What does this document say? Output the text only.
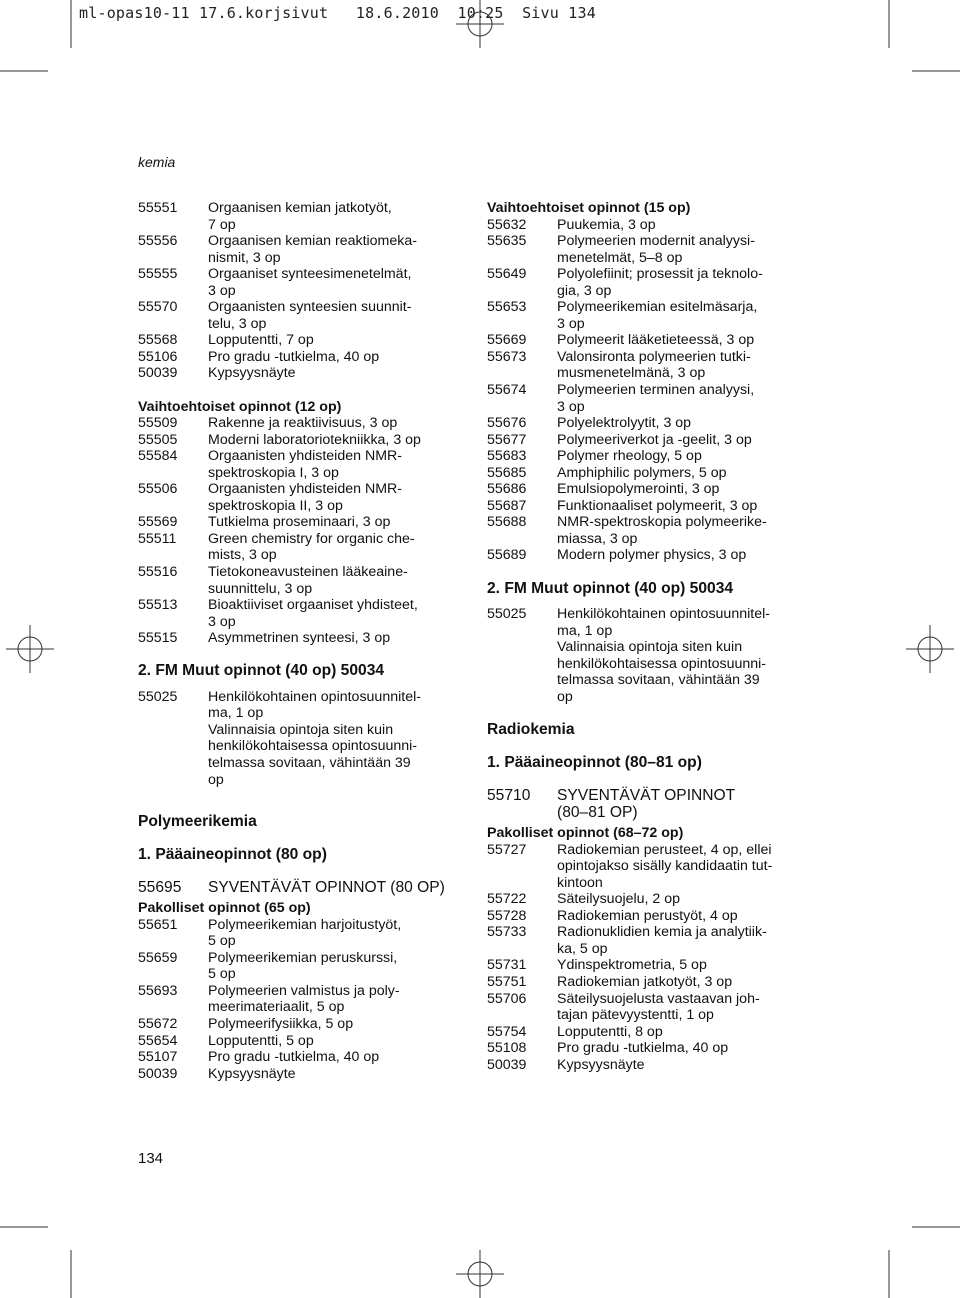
ml-opas10-11 17.6.korjsivut   18.6.2010  10:25  Sivu 134
kemia
55551	Orgaanisen kemian jatkotyöt,
7 op
55556	Orgaanisen kemian reaktiomeka-
nismit, 3 op
55555	Orgaaniset synteesimenetelmät,
3 op
55570	Orgaanisten synteesien suunnit-
telu, 3 op
55568	Lopputentti, 7 op
55106	Pro gradu -tutkielma, 40 op
50039	Kypsyysnäyte
Vaihtoehtoiset opinnot (12 op)
55509	Rakenne ja reaktiivisuus, 3 op
55505	Moderni laboratoriotekniikka, 3 op
55584	Orgaanisten yhdisteiden NMR-
spektroskopia I, 3 op
55506	Orgaanisten yhdisteiden NMR-
spektroskopia II, 3 op
55569	Tutkielma proseminaari, 3 op
55511	Green chemistry for organic che-
mists, 3 op
55516	Tietokoneavusteinen lääkeaine-
suunnittelu, 3 op
55513	Bioaktiiviset orgaaniset yhdisteet,
3 op
55515	Asymmetrinen synteesi, 3 op
2. FM Muut opinnot (40 op) 50034
55025	Henkilökohtainen opintosuunnitel-
ma, 1 op
Valinnaisia opintoja siten kuin
henkilökohtaisessa opintosuunni-
telmassa sovitaan, vähintään 39
op
Polymeerikemia
1. Pääaineopinnot (80 op)
55695	SYVENTÄVÄT OPINNOT (80 OP)
Pakolliset opinnot (65 op)
55651	Polymeerikemian harjoitustyöt,
5 op
55659	Polymeerikemian peruskurssi,
5 op
55693	Polymeerien valmistus ja poly-
meerimateriaalit, 5 op
55672	Polymeerifysiikka, 5 op
55654	Lopputentti, 5 op
55107	Pro gradu -tutkielma, 40 op
50039	Kypsyysnäyte
Vaihtoehtoiset opinnot (15 op)
55632	Puukemia, 3 op
55635	Polymeerien modernit analyysi-
menetelmät, 5–8 op
55649	Polyolefiinit; prosessit ja teknolo-
gia, 3 op
55653	Polymeerikemian esitelmäsarja,
3 op
55669	Polymeerit lääketieteessä, 3 op
55673	Valonsironta polymeerien tutki-
musmenetelmänä, 3 op
55674	Polymeerien terminen analyysi,
3 op
55676	Polyelektrolyytit, 3 op
55677	Polymeeriverkot ja -geelit, 3 op
55683	Polymer rheology, 5 op
55685	Amphiphilic polymers, 5 op
55686	Emulsiopolymerointi, 3 op
55687	Funktionaaliset polymeerit, 3 op
55688	NMR-spektroskopia polymeerike-
miassa, 3 op
55689	Modern polymer physics, 3 op
2. FM Muut opinnot (40 op) 50034
55025	Henkilökohtainen opintosuunnitel-
ma, 1 op
Valinnaisia opintoja siten kuin
henkilökohtaisessa opintosuunni-
telmassa sovitaan, vähintään 39
op
Radiokemia
1. Pääaineopinnot (80–81 op)
55710	SYVENTÄVÄT OPINNOT
(80–81 OP)
Pakolliset opinnot (68–72 op)
55727	Radiokemian perusteet, 4 op, ellei
opintojakso sisälly kandidaatin tut-
kintoon
55722	Säteilysuojelu, 2 op
55728	Radiokemian perustyöt, 4 op
55733	Radionuklidien kemia ja analytiik-
ka, 5 op
55731	Ydinspektrometria, 5 op
55751	Radiokemian jatkotyöt, 3 op
55706	Säteilysuojelusta vastaavan joh-
tajan pätevyystentti, 1 op
55754	Lopputentti, 8 op
55108	Pro gradu -tutkielma, 40 op
50039	Kypsyysnäyte
134
